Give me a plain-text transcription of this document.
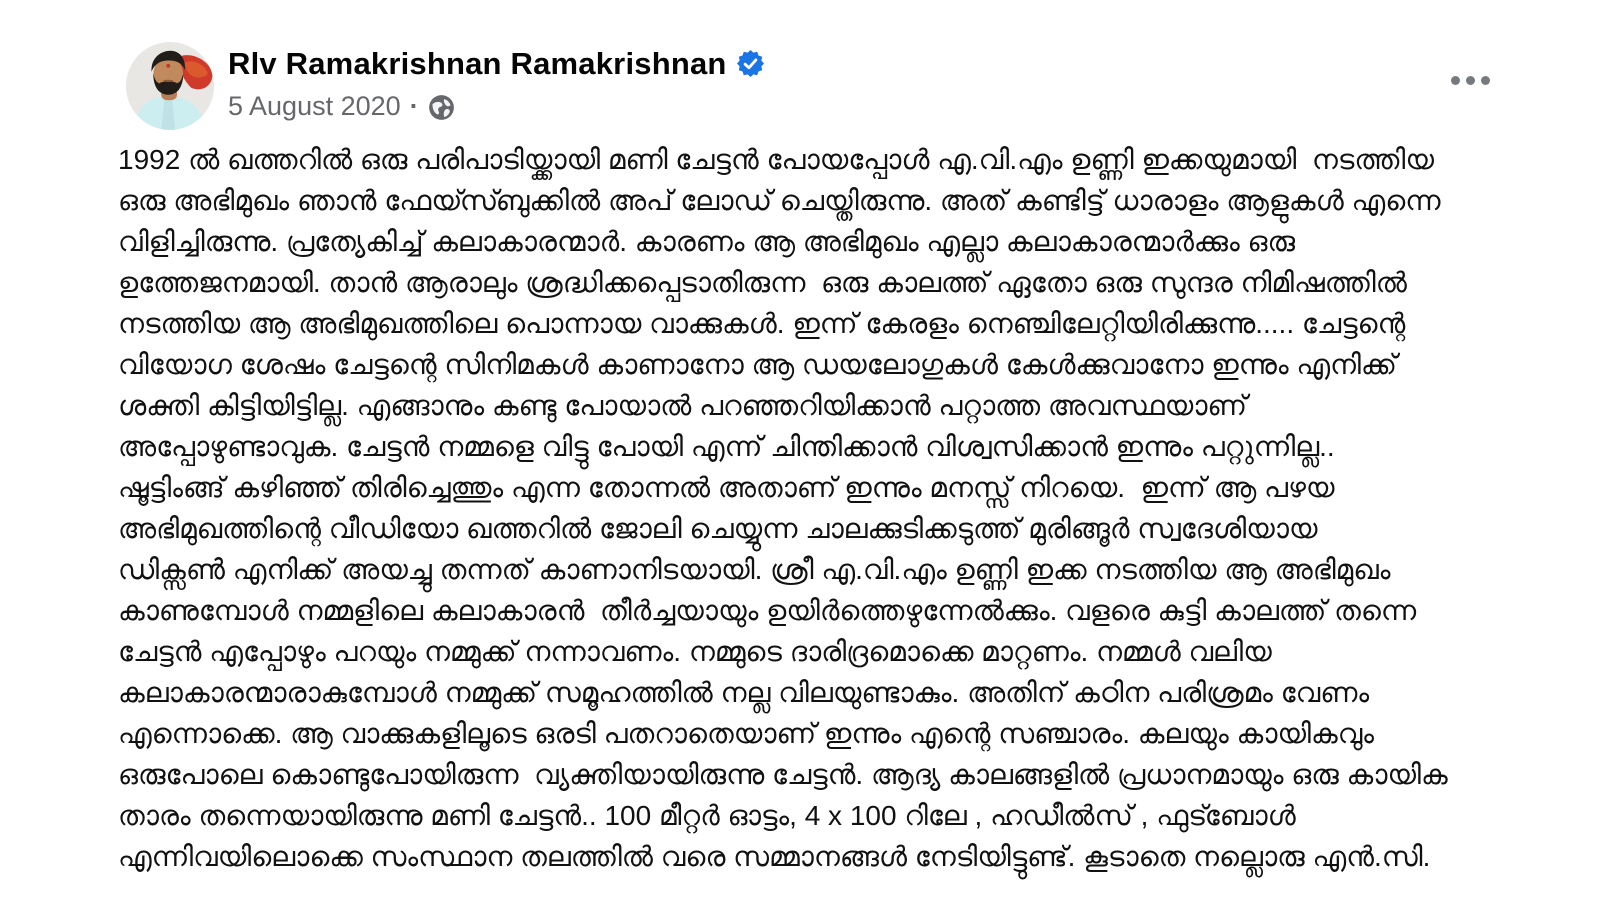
Rlv Ramakrishnan Ramakrishnan
5 August 2020 ·
1992 ൽ ഖത്തറിൽ ഒരു പരിപാടിയ്ക്കായി മണി ചേട്ടൻ പോയപ്പോൾ എ.വി.എം ഉണ്ണി ഇക്കയുമായി  നടത്തിയ
ഒരു അഭിമുഖം ഞാൻ ഫേയ്സ്ബുക്കിൽ അപ് ലോഡ് ചെയ്തിരുന്നു. അത് കണ്ടിട്ട് ധാരാളം ആളുകൾ എന്നെ
വിളിച്ചിരുന്നു. പ്രത്യേകിച്ച് കലാകാരന്മാർ. കാരണം ആ അഭിമുഖം എല്ലാ കലാകാരന്മാർക്കും ഒരു
ഉത്തേജനമായി. താൻ ആരാലും ശ്രദ്ധിക്കപ്പെടാതിരുന്ന  ഒരു കാലത്ത് ഏതോ ഒരു സുന്ദര നിമിഷത്തിൽ
നടത്തിയ ആ അഭിമുഖത്തിലെ പൊന്നായ വാക്കുകൾ. ഇന്ന് കേരളം നെഞ്ചിലേറ്റിയിരിക്കുന്നു..... ചേട്ടന്റെ
വിയോഗ ശേഷം ചേട്ടന്റെ സിനിമകൾ കാണാനോ ആ ഡയലോഗുകൾ കേൾക്കുവാനോ ഇന്നും എനിക്ക്
ശക്തി കിട്ടിയിട്ടില്ല. എങ്ങാനും കണ്ടു പോയാൽ പറഞ്ഞറിയിക്കാൻ പറ്റാത്ത അവസ്ഥയാണ്
അപ്പോഴുണ്ടാവുക. ചേട്ടൻ നമ്മളെ വിട്ടു പോയി എന്ന് ചിന്തിക്കാൻ വിശ്വസിക്കാൻ ഇന്നും പറ്റുന്നില്ല..
ഷൂട്ടിംങ്ങ് കഴിഞ്ഞ് തിരിച്ചെത്തും എന്ന തോന്നൽ അതാണ് ഇന്നും മനസ്സ് നിറയെ.  ഇന്ന് ആ പഴയ
അഭിമുഖത്തിന്റെ വീഡിയോ ഖത്തറിൽ ജോലി ചെയ്യുന്ന ചാലക്കുടിക്കടുത്ത് മുരിങ്ങൂർ സ്വദേശിയായ
ഡിക്സൺ എനിക്ക് അയച്ചു തന്നത് കാണാനിടയായി. ശ്രീ എ.വി.എം ഉണ്ണി ഇക്ക നടത്തിയ ആ അഭിമുഖം
കാണുമ്പോൾ നമ്മളിലെ കലാകാരൻ  തീർച്ചയായും ഉയിർത്തെഴുന്നേൽക്കും. വളരെ കുട്ടി കാലത്ത് തന്നെ
ചേട്ടൻ എപ്പോഴും പറയും നമ്മുക്ക് നന്നാവണം. നമ്മുടെ ദാരിദ്രമൊക്കെ മാറ്റണം. നമ്മൾ വലിയ
കലാകാരന്മാരാകുമ്പോൾ നമ്മുക്ക് സമൂഹത്തിൽ നല്ല വിലയുണ്ടാകും. അതിന് കഠിന പരിശ്രമം വേണം
എന്നൊക്കെ. ആ വാക്കുകളിലൂടെ ഒരടി പതറാതെയാണ് ഇന്നും എന്റെ സഞ്ചാരം. കലയും കായികവും
ഒരുപോലെ കൊണ്ടുപോയിരുന്ന  വ്യക്തിയായിരുന്നു ചേട്ടൻ. ആദ്യ കാലങ്ങളിൽ പ്രധാനമായും ഒരു കായിക
താരം തന്നെയായിരുന്നു മണി ചേട്ടൻ.. 100 മീറ്റർ ഓട്ടം, 4 x 100 റിലേ , ഹഡീൽസ് , ഫുട്ബോൾ
എന്നിവയിലൊക്കെ സംസ്ഥാന തലത്തിൽ വരെ സമ്മാനങ്ങൾ നേടിയിട്ടുണ്ട്. കൂടാതെ നല്ലൊരു എൻ.സി.
